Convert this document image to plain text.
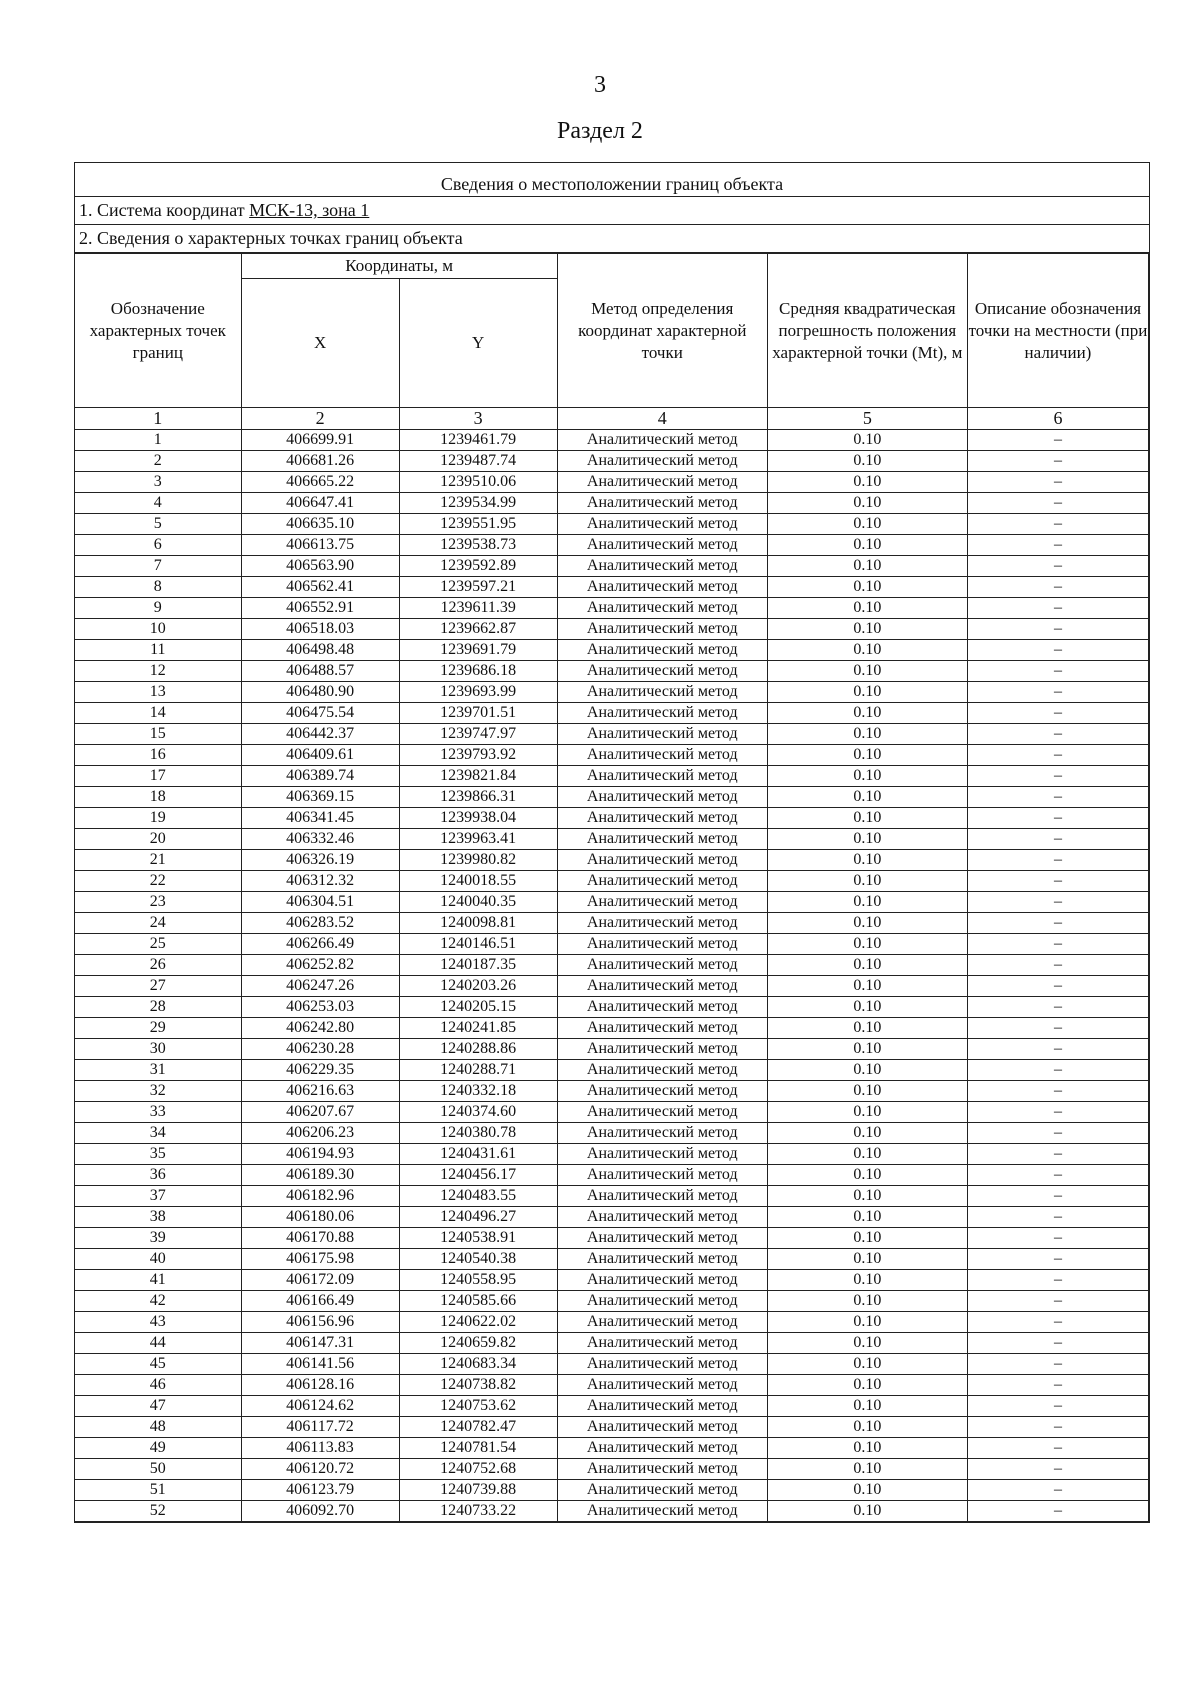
3
Раздел 2
Сведения о местоположении границ объекта
1. Система координат МСК-13, зона 1
2. Сведения о характерных точках границ объекта
Обозначение характерных точек границ	Координаты, м		Метод определения координат характерной точки	Средняя квадратическая погрешность положения характерной точки (Mt), м	Описание обозначения точки на местности (при наличии)
	X	Y			
1	2	3	4	5	6
1	406699.91	1239461.79	Аналитический метод	0.10	–
2	406681.26	1239487.74	Аналитический метод	0.10	–
3	406665.22	1239510.06	Аналитический метод	0.10	–
4	406647.41	1239534.99	Аналитический метод	0.10	–
5	406635.10	1239551.95	Аналитический метод	0.10	–
6	406613.75	1239538.73	Аналитический метод	0.10	–
7	406563.90	1239592.89	Аналитический метод	0.10	–
8	406562.41	1239597.21	Аналитический метод	0.10	–
9	406552.91	1239611.39	Аналитический метод	0.10	–
10	406518.03	1239662.87	Аналитический метод	0.10	–
11	406498.48	1239691.79	Аналитический метод	0.10	–
12	406488.57	1239686.18	Аналитический метод	0.10	–
13	406480.90	1239693.99	Аналитический метод	0.10	–
14	406475.54	1239701.51	Аналитический метод	0.10	–
15	406442.37	1239747.97	Аналитический метод	0.10	–
16	406409.61	1239793.92	Аналитический метод	0.10	–
17	406389.74	1239821.84	Аналитический метод	0.10	–
18	406369.15	1239866.31	Аналитический метод	0.10	–
19	406341.45	1239938.04	Аналитический метод	0.10	–
20	406332.46	1239963.41	Аналитический метод	0.10	–
21	406326.19	1239980.82	Аналитический метод	0.10	–
22	406312.32	1240018.55	Аналитический метод	0.10	–
23	406304.51	1240040.35	Аналитический метод	0.10	–
24	406283.52	1240098.81	Аналитический метод	0.10	–
25	406266.49	1240146.51	Аналитический метод	0.10	–
26	406252.82	1240187.35	Аналитический метод	0.10	–
27	406247.26	1240203.26	Аналитический метод	0.10	–
28	406253.03	1240205.15	Аналитический метод	0.10	–
29	406242.80	1240241.85	Аналитический метод	0.10	–
30	406230.28	1240288.86	Аналитический метод	0.10	–
31	406229.35	1240288.71	Аналитический метод	0.10	–
32	406216.63	1240332.18	Аналитический метод	0.10	–
33	406207.67	1240374.60	Аналитический метод	0.10	–
34	406206.23	1240380.78	Аналитический метод	0.10	–
35	406194.93	1240431.61	Аналитический метод	0.10	–
36	406189.30	1240456.17	Аналитический метод	0.10	–
37	406182.96	1240483.55	Аналитический метод	0.10	–
38	406180.06	1240496.27	Аналитический метод	0.10	–
39	406170.88	1240538.91	Аналитический метод	0.10	–
40	406175.98	1240540.38	Аналитический метод	0.10	–
41	406172.09	1240558.95	Аналитический метод	0.10	–
42	406166.49	1240585.66	Аналитический метод	0.10	–
43	406156.96	1240622.02	Аналитический метод	0.10	–
44	406147.31	1240659.82	Аналитический метод	0.10	–
45	406141.56	1240683.34	Аналитический метод	0.10	–
46	406128.16	1240738.82	Аналитический метод	0.10	–
47	406124.62	1240753.62	Аналитический метод	0.10	–
48	406117.72	1240782.47	Аналитический метод	0.10	–
49	406113.83	1240781.54	Аналитический метод	0.10	–
50	406120.72	1240752.68	Аналитический метод	0.10	–
51	406123.79	1240739.88	Аналитический метод	0.10	–
52	406092.70	1240733.22	Аналитический метод	0.10	–
